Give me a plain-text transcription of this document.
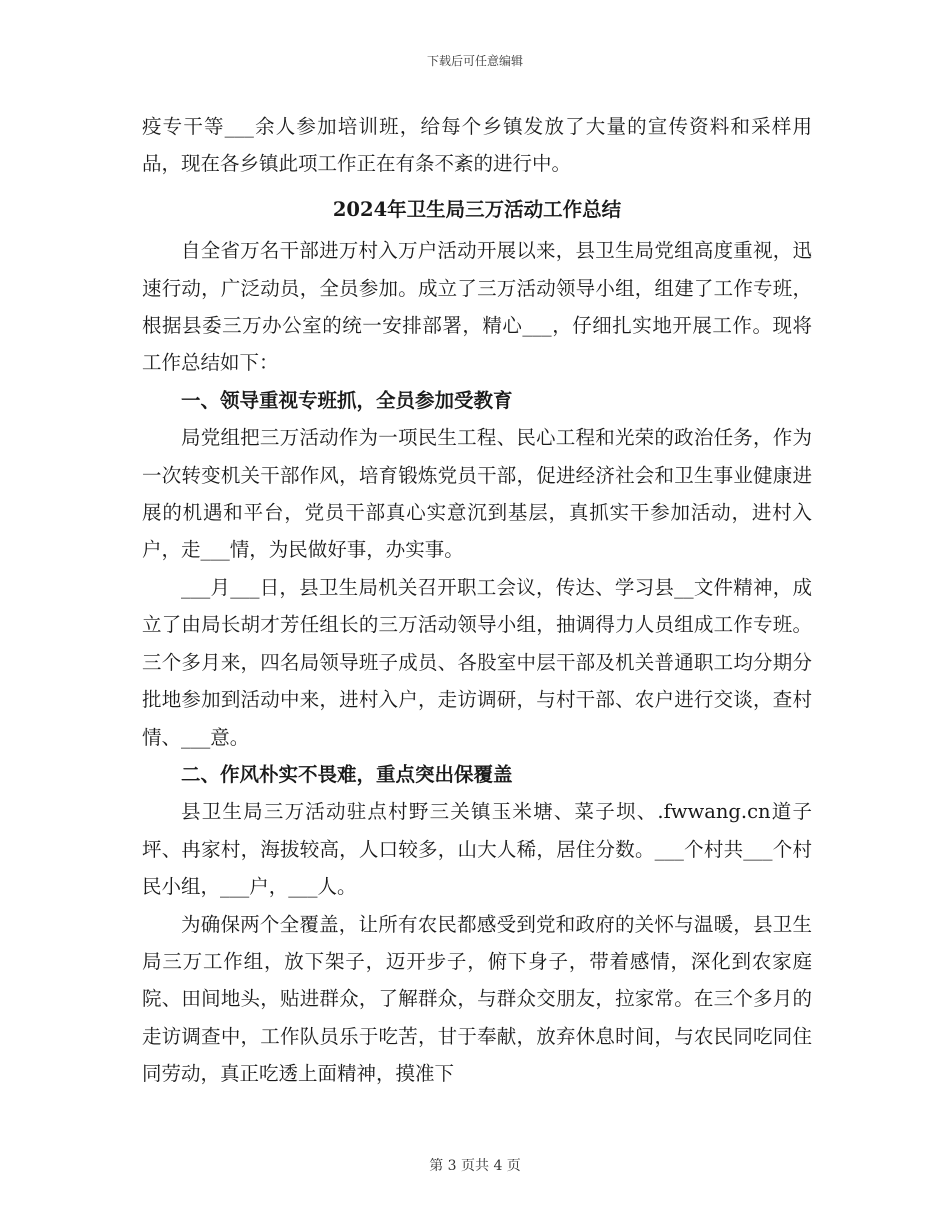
下载后可任意编辑

疫专干等___余人参加培训班，给每个乡镇发放了大量的宣传资料和采样用品，现在各乡镇此项工作正在有条不紊的进行中。

2024年卫生局三万活动工作总结

自全省万名干部进万村入万户活动开展以来，县卫生局党组高度重视，迅速行动，广泛动员，全员参加。成立了三万活动领导小组，组建了工作专班，根据县委三万办公室的统一安排部署，精心___，仔细扎实地开展工作。现将工作总结如下：

一、领导重视专班抓，全员参加受教育

局党组把三万活动作为一项民生工程、民心工程和光荣的政治任务，作为一次转变机关干部作风，培育锻炼党员干部，促进经济社会和卫生事业健康进展的机遇和平台，党员干部真心实意沉到基层，真抓实干参加活动，进村入户，走___情，为民做好事，办实事。

___月___日，县卫生局机关召开职工会议，传达、学习县__文件精神，成立了由局长胡才芳任组长的三万活动领导小组，抽调得力人员组成工作专班。三个多月来，四名局领导班子成员、各股室中层干部及机关普通职工均分期分批地参加到活动中来，进村入户，走访调研，与村干部、农户进行交谈，查村情、___意。

二、作风朴实不畏难，重点突出保覆盖

县卫生局三万活动驻点村野三关镇玉米塘、菜子坝、.fwwang.cn道子坪、冉家村，海拔较高，人口较多，山大人稀，居住分数。___个村共___个村民小组，___户，___人。

为确保两个全覆盖，让所有农民都感受到党和政府的关怀与温暖，县卫生局三万工作组，放下架子，迈开步子，俯下身子，带着感情，深化到农家庭院、田间地头，贴进群众，了解群众，与群众交朋友，拉家常。在三个多月的走访调查中，工作队员乐于吃苦，甘于奉献，放弃休息时间，与农民同吃同住同劳动，真正吃透上面精神，摸准下

第 3 页共 4 页
